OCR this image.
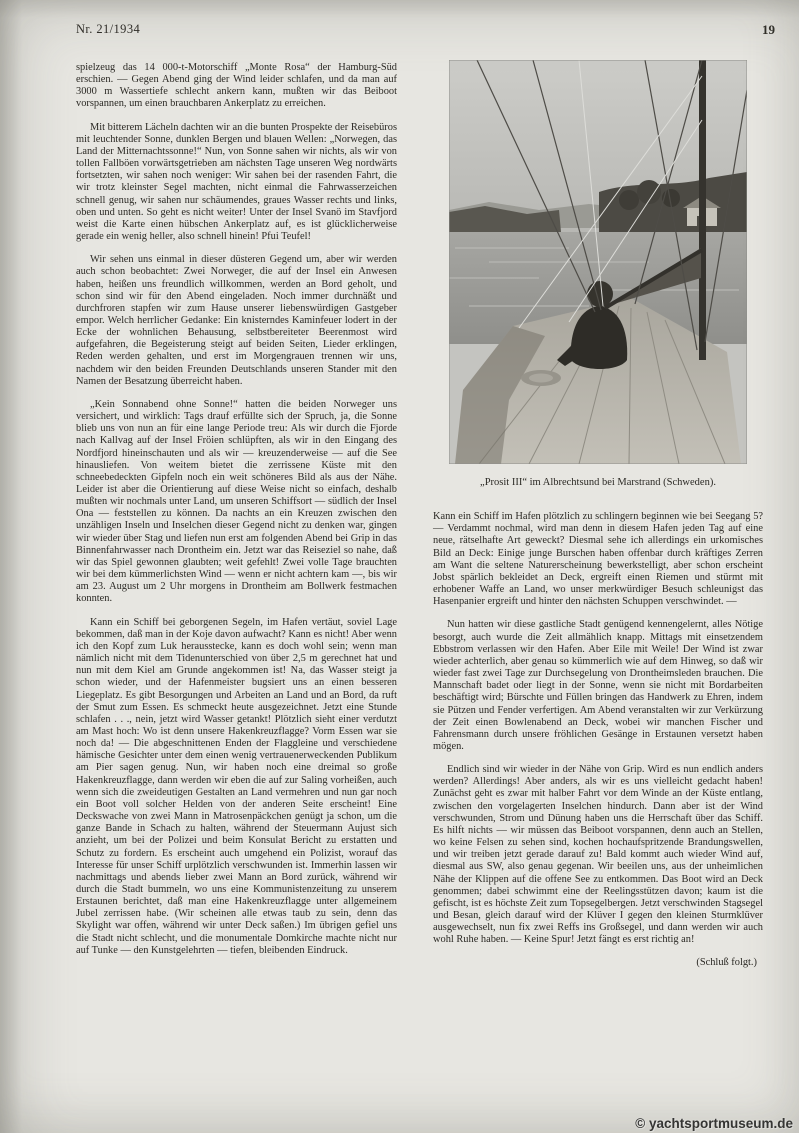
Nr. 21/1934	19

spielzeug das 14 000-t-Motorschiff „Monte Rosa“ der Hamburg-Süd erschien. — Gegen Abend ging der Wind leider schlafen, und da man auf 3000 m Wassertiefe schlecht ankern kann, mußten wir das Beiboot vorspannen, um einen brauchbaren Ankerplatz zu erreichen.

Mit bitterem Lächeln dachten wir an die bunten Prospekte der Reisebüros mit leuchtender Sonne, dunklen Bergen und blauen Wellen: „Norwegen, das Land der Mitternachtssonne!“ Nun, von Sonne sahen wir nichts, als wir von tollen Fallböen vorwärtsgetrieben am nächsten Tage unseren Weg nordwärts fortsetzten, wir sahen noch weniger: Wir sahen bei der rasenden Fahrt, die wir trotz kleinster Segel machten, nicht einmal die Fahrwasserzeichen schnell genug, wir sahen nur schäumendes, graues Wasser rechts und links, oben und unten. So geht es nicht weiter! Unter der Insel Svanö im Stavfjord weist die Karte einen hübschen Ankerplatz auf, es ist glücklicherweise gerade ein wenig heller, also schnell hinein! Pfui Teufel!

Wir sehen uns einmal in dieser düsteren Gegend um, aber wir werden auch schon beobachtet: Zwei Norweger, die auf der Insel ein Anwesen haben, heißen uns freundlich willkommen, werden an Bord geholt, und schon sind wir für den Abend eingeladen. Noch immer durchnäßt und durchfroren stapfen wir zum Hause unserer liebenswürdigen Gastgeber empor. Welch herrlicher Gedanke: Ein knisterndes Kaminfeuer lodert in der Ecke der wohnlichen Behausung, selbstbereiteter Beerenmost wird aufgefahren, die Begeisterung steigt auf beiden Seiten, Lieder erklingen, Reden werden gehalten, und erst im Morgengrauen trennen wir uns, nachdem wir den beiden Freunden Deutschlands unseren Stander mit den Namen der Besatzung überreicht haben.

„Kein Sonnabend ohne Sonne!“ hatten die beiden Norweger uns versichert, und wirklich: Tags drauf erfüllte sich der Spruch, ja, die Sonne blieb uns von nun an für eine lange Periode treu: Als wir durch die Fjorde nach Kallvag auf der Insel Fröien schlüpften, als wir in den Eingang des Nordfjord hineinschauten und als wir — kreuzenderweise — auf die See hinausliefen. Von weitem bietet die zerrissene Küste mit den schneebedeckten Gipfeln noch ein weit schöneres Bild als aus der Nähe. Leider ist aber die Orientierung auf diese Weise nicht so einfach, deshalb mußten wir nochmals unter Land, um unseren Schiffsort — südlich der Insel Ona — feststellen zu können. Da nachts an ein Kreuzen zwischen den unzähligen Inseln und Inselchen dieser Gegend nicht zu denken war, gingen wir wieder über Stag und liefen nun erst am folgenden Abend bei Grip in das Binnenfahrwasser nach Drontheim ein. Jetzt war das Reiseziel so nahe, daß wir das Spiel gewonnen glaubten; weit gefehlt! Zwei volle Tage brauchten wir bei dem kümmerlichsten Wind — wenn er nicht achtern kam —, bis wir am 23. August um 2 Uhr morgens in Drontheim am Bollwerk festmachen konnten.

Kann ein Schiff bei geborgenen Segeln, im Hafen vertäut, soviel Lage bekommen, daß man in der Koje davon aufwacht? Kann es nicht! Aber wenn ich den Kopf zum Luk herausstecke, kann es doch wohl sein; wenn man nämlich nicht mit dem Tidenunterschied von über 2,5 m gerechnet hat und nun mit dem Kiel am Grunde angekommen ist! Na, das Wasser steigt ja schon wieder, und der Hafenmeister bugsiert uns an einen besseren Liegeplatz. Es gibt Besorgungen und Arbeiten an Land und an Bord, da ruft der Smut zum Essen. Es schmeckt heute ausgezeichnet. Jetzt eine Stunde schlafen . . ., nein, jetzt wird Wasser getankt! Plötzlich sieht einer verdutzt am Mast hoch: Wo ist denn unsere Hakenkreuzflagge? Vorm Essen war sie noch da! — Die abgeschnittenen Enden der Flaggleine und verschiedene hämische Gesichter unter dem einen wenig vertrauenerweckenden Publikum am Pier sagen genug. Nun, wir haben noch eine dreimal so große Hakenkreuzflagge, dann werden wir eben die auf zur Saling vorheißen, auch wenn sich die zweideutigen Gestalten an Land vermehren und nun gar noch ein Boot voll solcher Helden von der anderen Seite erscheint! Eine Deckswache von zwei Mann in Matrosenpäckchen genügt ja schon, um die ganze Bande in Schach zu halten, während der Steuermann Aujust sich anzieht, um bei der Polizei und beim Konsulat Bericht zu erstatten und Schutz zu fordern. Es erscheint auch umgehend ein Polizist, worauf das Interesse für unser Schiff urplötzlich verschwunden ist. Immerhin lassen wir nachmittags und abends lieber zwei Mann an Bord zurück, während wir durch die Stadt bummeln, wo uns eine Kommunistenzeitung zu unserem Erstaunen berichtet, daß man eine Hakenkreuzflagge unter allgemeinem Jubel zerrissen habe. (Wir scheinen alle etwas taub zu sein, denn das Skylight war offen, während wir unter Deck saßen.) Im übrigen gefiel uns die Stadt nicht schlecht, und die monumentale Domkirche machte nicht nur auf Tunke — den Kunstgelehrten — tiefen, bleibenden Eindruck.

„Prosit III“ im Albrechtsund bei Marstrand (Schweden).

Kann ein Schiff im Hafen plötzlich zu schlingern beginnen wie bei Seegang 5? — Verdammt nochmal, wird man denn in diesem Hafen jeden Tag auf eine neue, rätselhafte Art geweckt? Diesmal sehe ich allerdings ein urkomisches Bild an Deck: Einige junge Burschen haben offenbar durch kräftiges Zerren am Want die seltene Naturerscheinung bewerkstelligt, aber schon erscheint Jobst spärlich bekleidet an Deck, ergreift einen Riemen und stürmt mit erhobener Waffe an Land, wo unser merkwürdiger Besuch schleunigst das Hasenpanier ergreift und hinter den nächsten Schuppen verschwindet. —

Nun hatten wir diese gastliche Stadt genügend kennengelernt, alles Nötige besorgt, auch wurde die Zeit allmählich knapp. Mittags mit einsetzendem Ebbstrom verlassen wir den Hafen. Aber Eile mit Weile! Der Wind ist zwar wieder achterlich, aber genau so kümmerlich wie auf dem Hinweg, so daß wir wieder fast zwei Tage zur Durchsegelung von Drontheimsleden brauchen. Die Mannschaft badet oder liegt in der Sonne, wenn sie nicht mit Bordarbeiten beschäftigt wird; Bürschte und Füllen bringen das Handwerk zu Ehren, indem sie Pützen und Fender verfertigen. Am Abend veranstalten wir zur Verkürzung der Zeit einen Bowlenabend an Deck, wobei wir manchen Fischer und Fahrensmann durch unsere fröhlichen Gesänge in Erstaunen versetzt haben mögen.

Endlich sind wir wieder in der Nähe von Grip. Wird es nun endlich anders werden? Allerdings! Aber anders, als wir es uns vielleicht gedacht haben! Zunächst geht es zwar mit halber Fahrt vor dem Winde an der Küste entlang, zwischen den vorgelagerten Inselchen hindurch. Dann aber ist der Wind verschwunden, Strom und Dünung haben uns die Herrschaft über das Schiff. Es hilft nichts — wir müssen das Beiboot vorspannen, denn auch an Stellen, wo keine Felsen zu sehen sind, kochen hochaufspritzende Brandungswellen, und wir treiben jetzt gerade darauf zu! Bald kommt auch wieder Wind auf, diesmal aus SW, also genau gegenan. Wir beeilen uns, aus der unheimlichen Nähe der Klippen auf die offene See zu entkommen. Das Boot wird an Deck genommen; dabei schwimmt eine der Reelingsstützen davon; kaum ist die gefischt, ist es höchste Zeit zum Topsegelbergen. Jetzt verschwinden Stagsegel und Besan, gleich darauf wird der Klüver I gegen den kleinen Sturmklüver ausgewechselt, nun fix zwei Reffs ins Großsegel, und dann werden wir auch wohl Ruhe haben. — Keine Spur! Jetzt fängt es erst richtig an!

(Schluß folgt.)

© yachtsportmuseum.de
